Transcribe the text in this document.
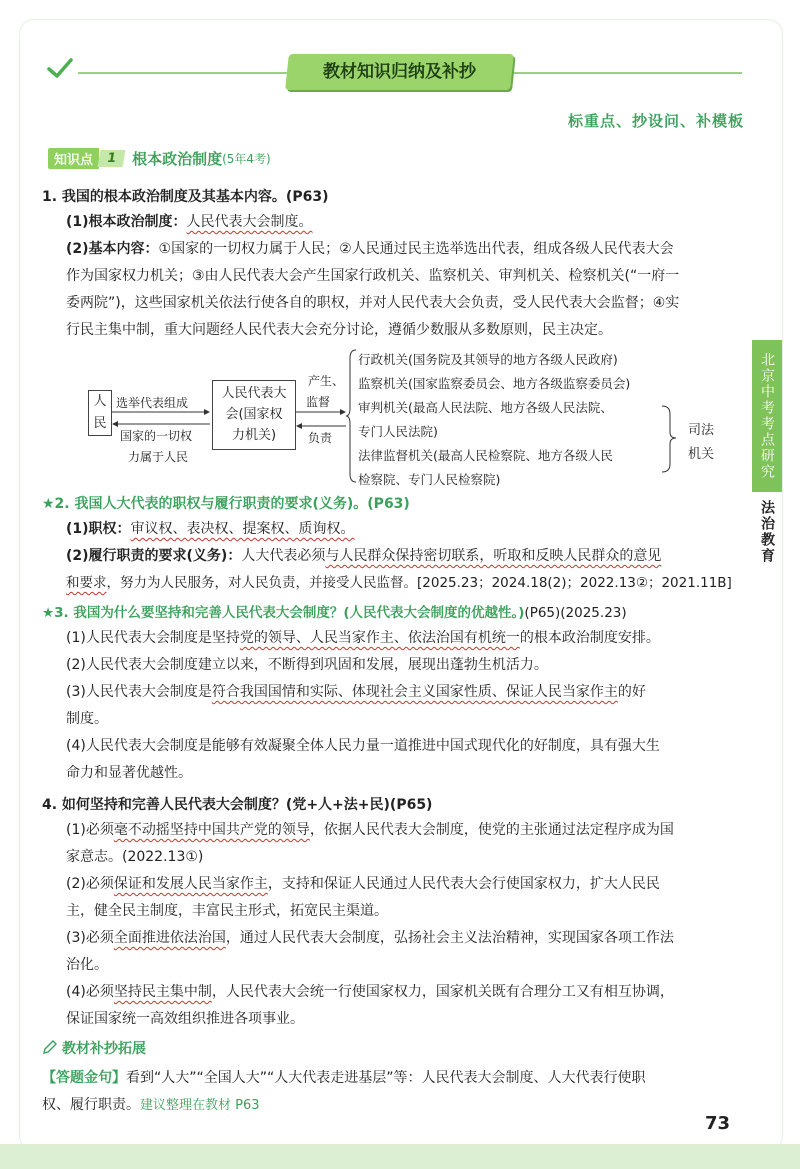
教材知识归纳及补抄
标重点、抄设问、补模板
知识点 1 根本政治制度 (5年4考)
北京中考考点研究
法治教育
1. 我国的根本政治制度及其基本内容。(P63)
(1)根本政治制度：人民代表大会制度。
(2)基本内容：①国家的一切权力属于人民；②人民通过民主选举选出代表，组成各级人民代表大会
作为国家权力机关；③由人民代表大会产生国家行政机关、监察机关、审判机关、检察机关(“一府一
委两院”)，这些国家机关依法行使各自的职权，并对人民代表大会负责，受人民代表大会监督；④实
行民主集中制，重大问题经人民代表大会充分讨论，遵循少数服从多数原则，民主决定。
人民
选举代表组成
国家的一切权
力属于人民
人民代表大
会(国家权
力机关)
产生、
监督
负责
行政机关(国务院及其领导的地方各级人民政府)
监察机关(国家监察委员会、地方各级监察委员会)
审判机关(最高人民法院、地方各级人民法院、
专门人民法院)
法律监督机关(最高人民检察院、地方各级人民
检察院、专门人民检察院)
司法
机关
★2. 我国人大代表的职权与履行职责的要求(义务)。(P63)
(1)职权：审议权、表决权、提案权、质询权。
(2)履行职责的要求(义务)：人大代表必须与人民群众保持密切联系，听取和反映人民群众的意见
和要求，努力为人民服务，对人民负责，并接受人民监督。[2025.23；2024.18(2)；2022.13②；2021.11B]
★3. 我国为什么要坚持和完善人民代表大会制度？(人民代表大会制度的优越性。)(P65)(2025.23)
(1)人民代表大会制度是坚持党的领导、人民当家作主、依法治国有机统一的根本政治制度安排。
(2)人民代表大会制度建立以来，不断得到巩固和发展，展现出蓬勃生机活力。
(3)人民代表大会制度是符合我国国情和实际、体现社会主义国家性质、保证人民当家作主的好
制度。
(4)人民代表大会制度是能够有效凝聚全体人民力量一道推进中国式现代化的好制度，具有强大生
命力和显著优越性。
4. 如何坚持和完善人民代表大会制度？(党+人+法+民)(P65)
(1)必须毫不动摇坚持中国共产党的领导，依据人民代表大会制度，使党的主张通过法定程序成为国
家意志。(2022.13①)
(2)必须保证和发展人民当家作主，支持和保证人民通过人民代表大会行使国家权力，扩大人民民
主，健全民主制度，丰富民主形式，拓宽民主渠道。
(3)必须全面推进依法治国，通过人民代表大会制度，弘扬社会主义法治精神，实现国家各项工作法
治化。
(4)必须坚持民主集中制，人民代表大会统一行使国家权力，国家机关既有合理分工又有相互协调，
保证国家统一高效组织推进各项事业。
教材补抄拓展
【答题金句】看到“人大”“全国人大”“人大代表走进基层”等：人民代表大会制度、人大代表行使职
权、履行职责。建议整理在教材 P63
73
